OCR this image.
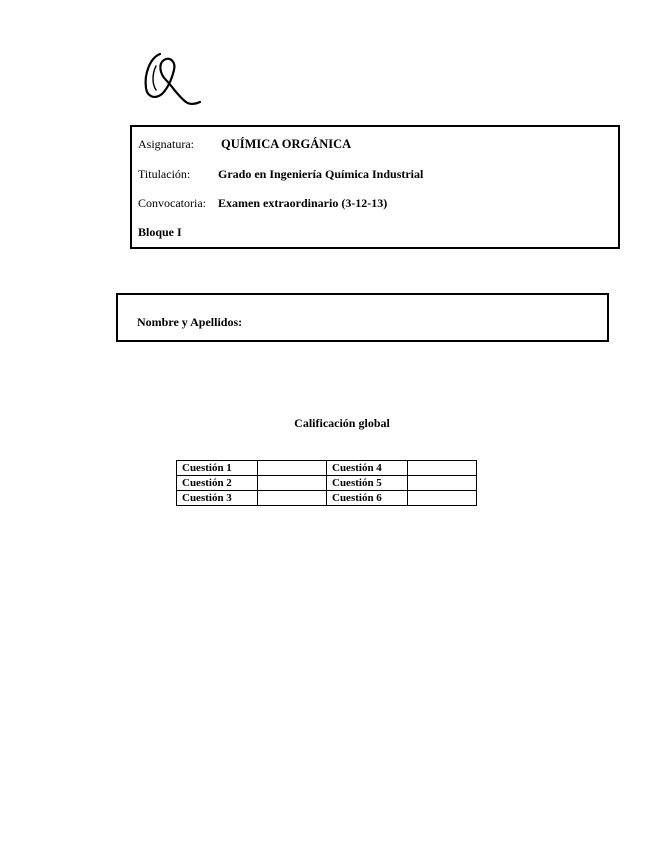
Asignatura: QUÍMICA ORGÁNICA
Titulación: Grado en Ingeniería Química Industrial
Convocatoria: Examen extraordinario (3-12-13)
Bloque I
Nombre y Apellidos:
Calificación global
Cuestión 1		Cuestión 4	
Cuestión 2		Cuestión 5	
Cuestión 3		Cuestión 6	
